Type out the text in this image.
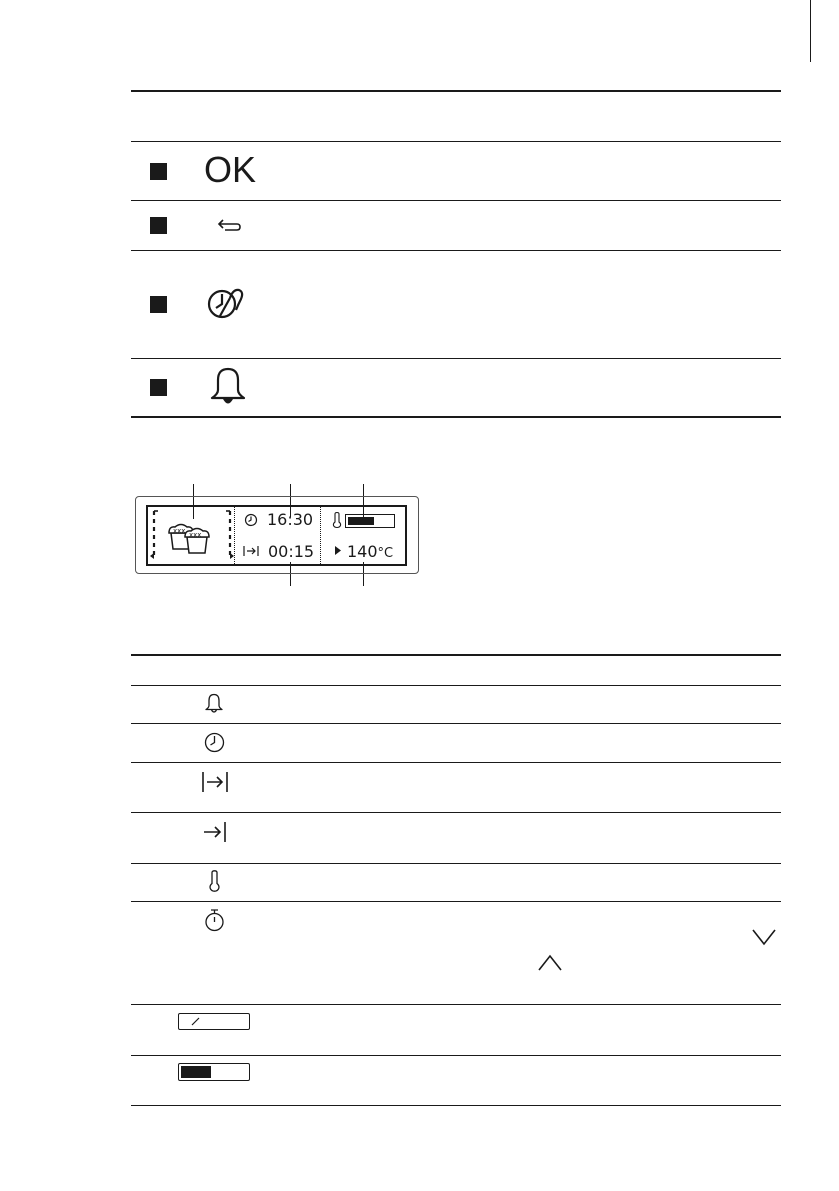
OK
xxx xxx
16:30
00:15 140°C
